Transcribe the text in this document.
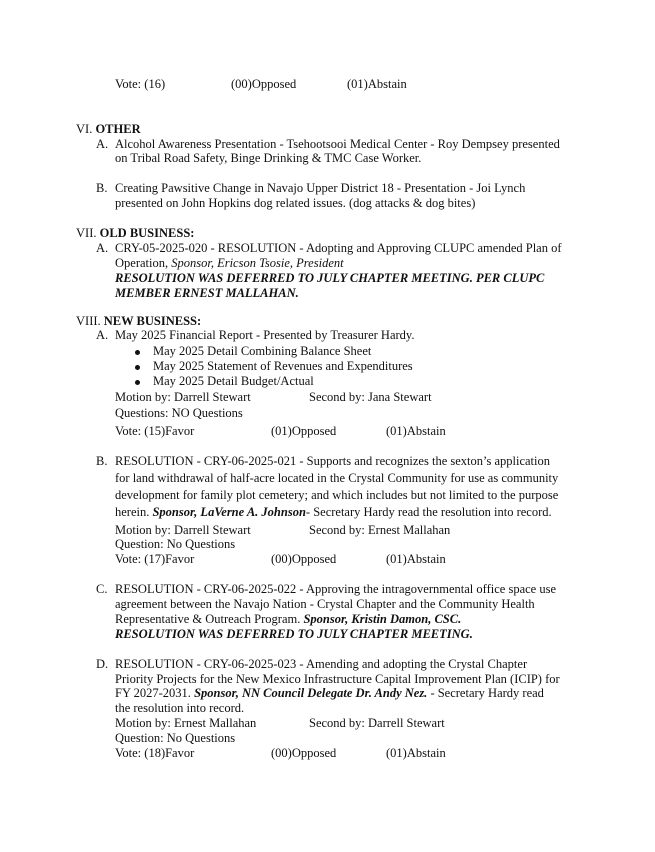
Vote: (16)	(00)Opposed	(01)Abstain
VI. OTHER
A. Alcohol Awareness Presentation - Tsehootsooi Medical Center - Roy Dempsey presented
on Tribal Road Safety, Binge Drinking & TMC Case Worker.
B. Creating Pawsitive Change in Navajo Upper District 18 - Presentation - Joi Lynch
presented on John Hopkins dog related issues. (dog attacks & dog bites)
VII. OLD BUSINESS:
A. CRY-05-2025-020 - RESOLUTION - Adopting and Approving CLUPC amended Plan of
Operation, Sponsor, Ericson Tsosie, President
RESOLUTION WAS DEFERRED TO JULY CHAPTER MEETING. PER CLUPC
MEMBER ERNEST MALLAHAN.
VIII. NEW BUSINESS:
A. May 2025 Financial Report - Presented by Treasurer Hardy.
May 2025 Detail Combining Balance Sheet
May 2025 Statement of Revenues and Expenditures
May 2025 Detail Budget/Actual
Motion by: Darrell Stewart	Second by: Jana Stewart
Questions: NO Questions
Vote: (15)Favor	(01)Opposed	(01)Abstain
B. RESOLUTION - CRY-06-2025-021 - Supports and recognizes the sexton’s application
for land withdrawal of half-acre located in the Crystal Community for use as community
development for family plot cemetery; and which includes but not limited to the purpose
herein. Sponsor, LaVerne A. Johnson- Secretary Hardy read the resolution into record.
Motion by: Darrell Stewart	Second by: Ernest Mallahan
Question: No Questions
Vote: (17)Favor	(00)Opposed	(01)Abstain
C. RESOLUTION - CRY-06-2025-022 - Approving the intragovernmental office space use
agreement between the Navajo Nation - Crystal Chapter and the Community Health
Representative & Outreach Program. Sponsor, Kristin Damon, CSC.
RESOLUTION WAS DEFERRED TO JULY CHAPTER MEETING.
D. RESOLUTION - CRY-06-2025-023 - Amending and adopting the Crystal Chapter
Priority Projects for the New Mexico Infrastructure Capital Improvement Plan (ICIP) for
FY 2027-2031. Sponsor, NN Council Delegate Dr. Andy Nez. - Secretary Hardy read
the resolution into record.
Motion by: Ernest Mallahan	Second by: Darrell Stewart
Question: No Questions
Vote: (18)Favor	(00)Opposed	(01)Abstain
